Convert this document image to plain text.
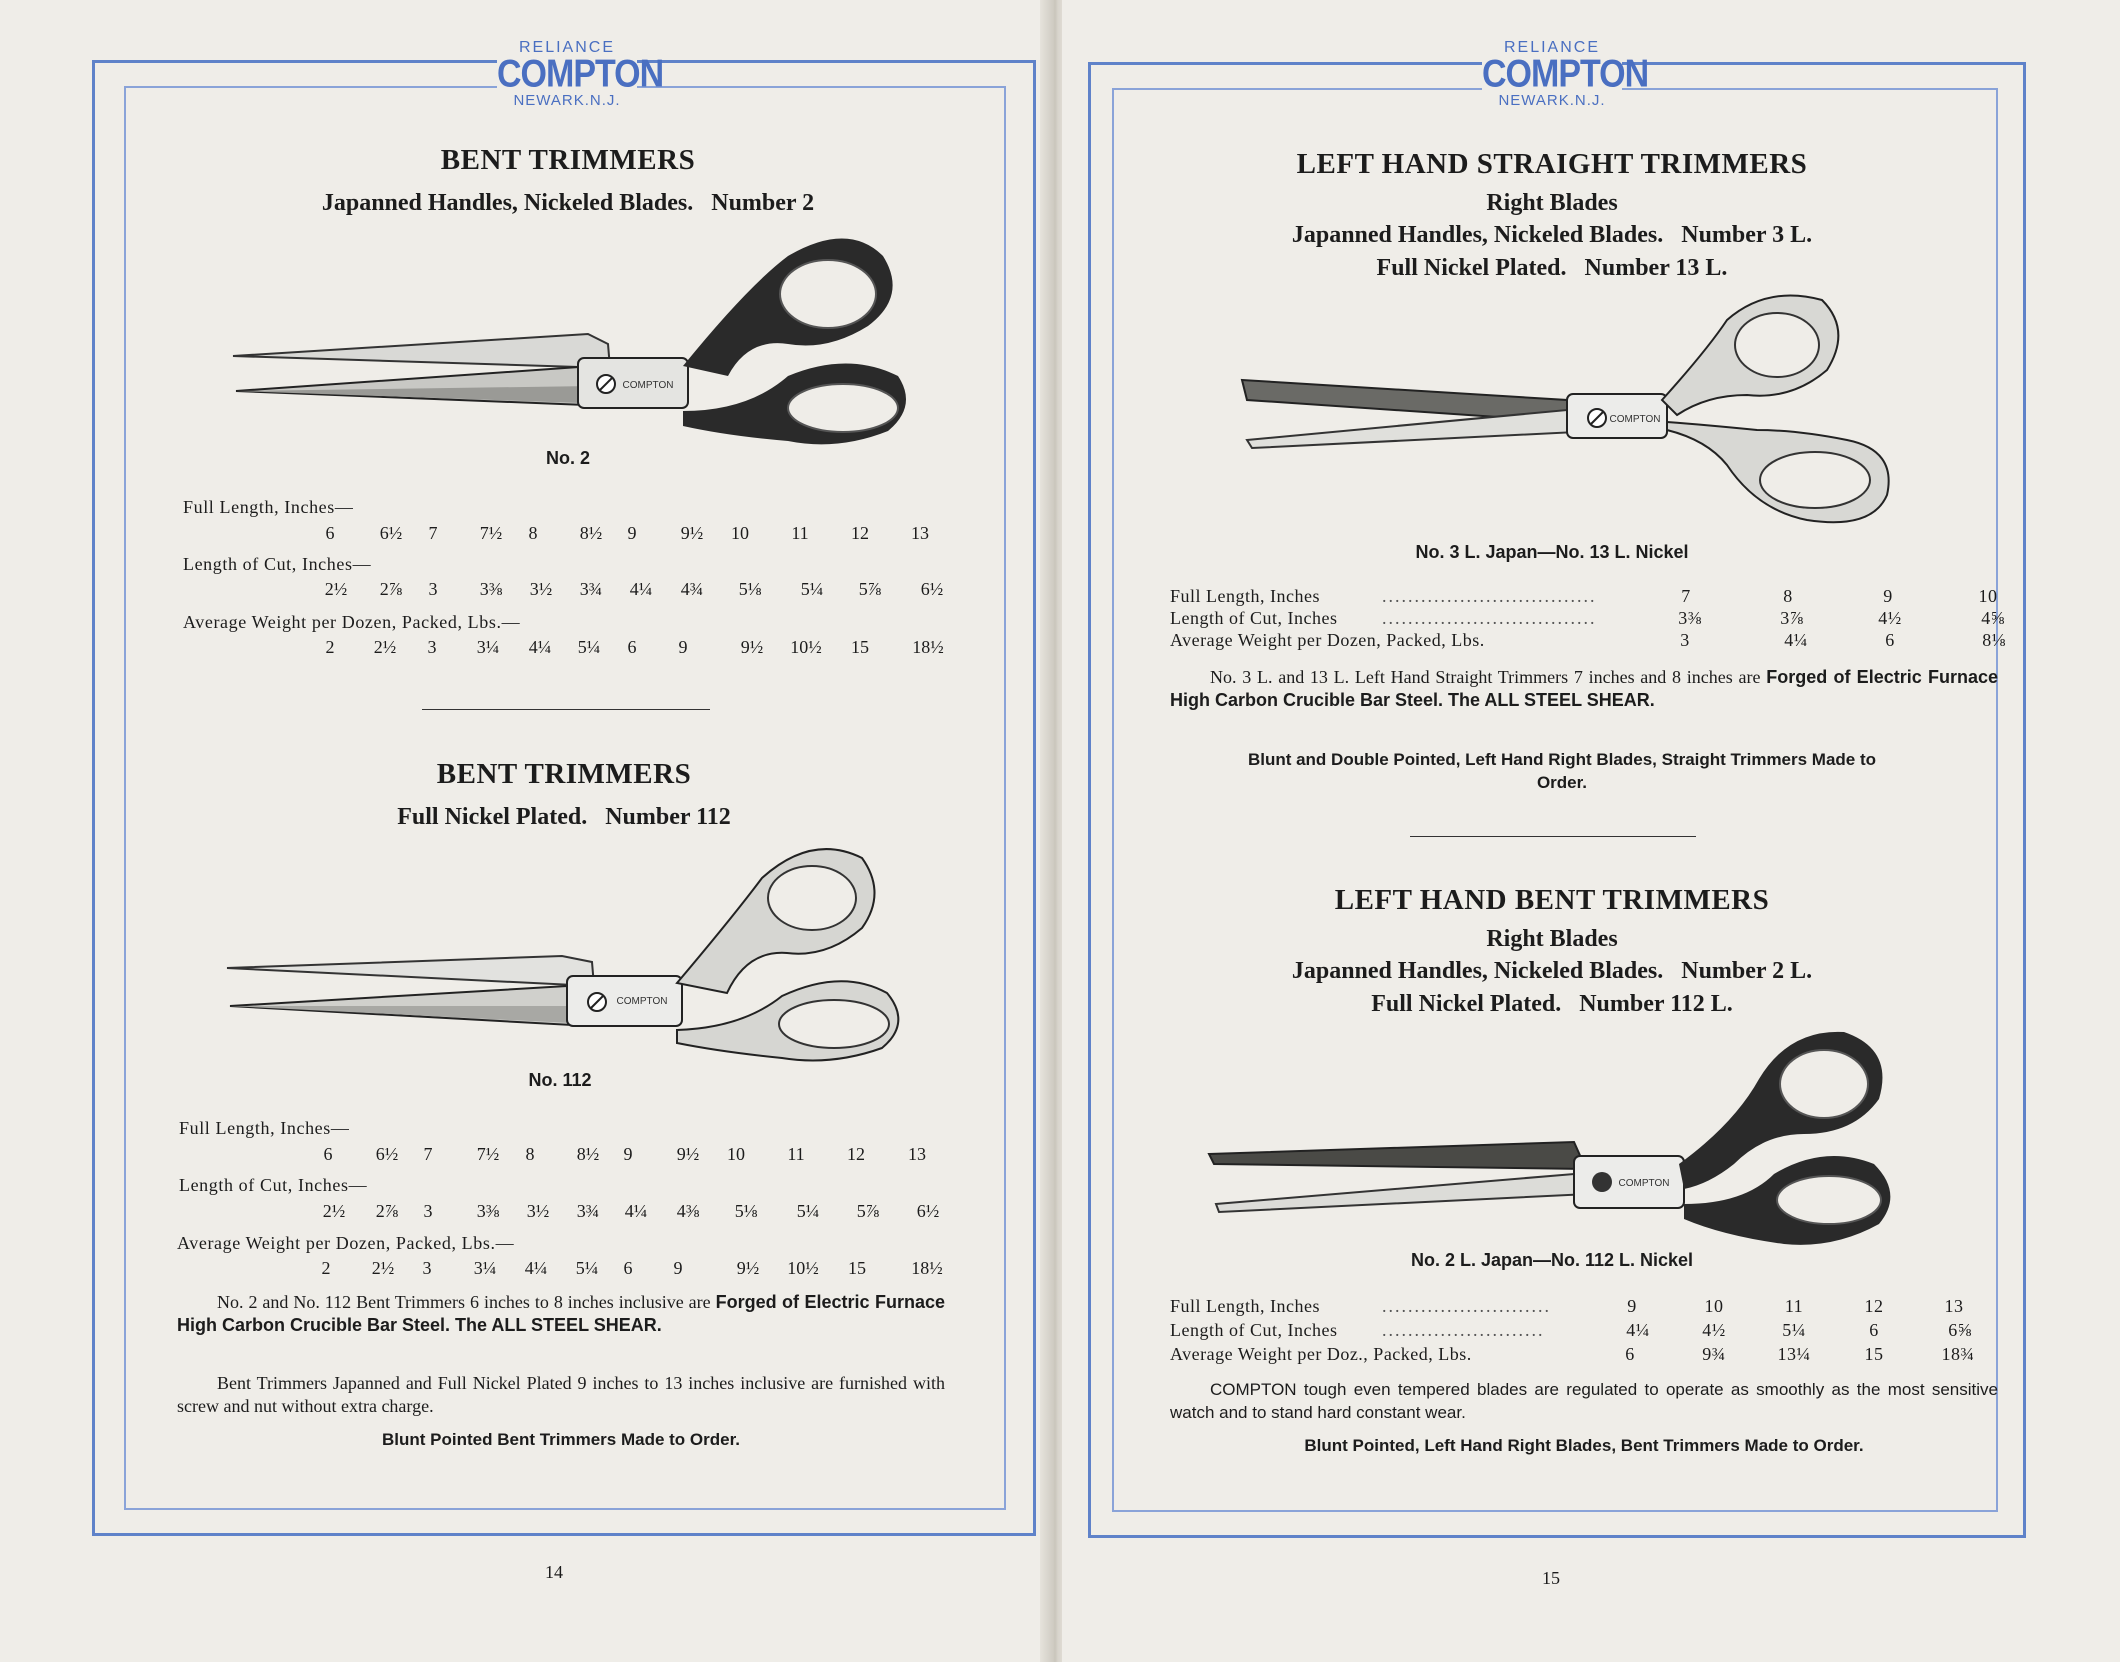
RELIANCE
COMPTON
NEWARK.N.J.
BENT TRIMMERS
Japanned Handles, Nickeled Blades.   Number 2
COMPTON
No. 2
Full Length, Inches—
6	6½ 7 7½ 8 8½ 9 9½ 10 11 12 13
Length of Cut, Inches—
2½ 2⅞ 3 3⅜ 3½ 3¾ 4¼ 4¾ 5⅛ 5¼ 5⅞ 6½
Average Weight per Dozen, Packed, Lbs.—
2 2½ 3 3¼ 4¼ 5¼ 6 9	9½ 10½ 15 18½
BENT TRIMMERS
Full Nickel Plated.   Number 112
COMPTON
No. 112
Full Length, Inches—
6 6½ 7 7½ 8 8½ 9 9½ 10 11 12 13
Length of Cut, Inches—
2½ 2⅞ 3 3⅜ 3½ 3¾ 4¼ 4⅜ 5⅛ 5¼ 5⅞ 6½
Average Weight per Dozen, Packed, Lbs.—
2 2½ 3 3¼ 4¼ 5¼ 6 9	9½ 10½ 15	18½
No. 2 and No. 112 Bent Trimmers 6 inches to 8 inches inclusive are Forged of Electric Furnace High Carbon Crucible Bar Steel. The ALL STEEL SHEAR.
Bent Trimmers Japanned and Full Nickel Plated 9 inches to 13 inches inclusive are furnished with screw and nut without extra charge.
Blunt Pointed Bent Trimmers Made to Order.
14
RELIANCE
COMPTON
NEWARK.N.J.
LEFT HAND STRAIGHT TRIMMERS
Right Blades
Japanned Handles, Nickeled Blades.   Number 3 L.
Full Nickel Plated.   Number 13 L.
COMPTON
No. 3 L. Japan—No. 13 L. Nickel
Full Length, Inches	.................................	7	8	9	10
Length of Cut, Inches .................................	3⅜	3⅞	4½	4⅝
Average Weight per Dozen, Packed, Lbs.	3	4¼	6	8⅛
No. 3 L. and 13 L. Left Hand Straight Trimmers 7 inches and 8 inches are Forged of Electric Furnace High Carbon Crucible Bar Steel. The ALL STEEL SHEAR.
Blunt and Double Pointed, Left Hand Right Blades, Straight Trimmers Made to Order.
LEFT HAND BENT TRIMMERS
Right Blades
Japanned Handles, Nickeled Blades.   Number 2 L.
Full Nickel Plated.   Number 112 L.
COMPTON
No. 2 L. Japan—No. 112 L. Nickel
Full Length, Inches	..........................	9	10	11	12	13
Length of Cut, Inches .........................	4¼	4½	5¼	6	6⅝
Average Weight per Doz., Packed, Lbs.	6	9¾	13¼	15	18¾
COMPTON tough even tempered blades are regulated to operate as smoothly as the most sensitive watch and to stand hard constant wear.
Blunt Pointed, Left Hand Right Blades, Bent Trimmers Made to Order.
15
